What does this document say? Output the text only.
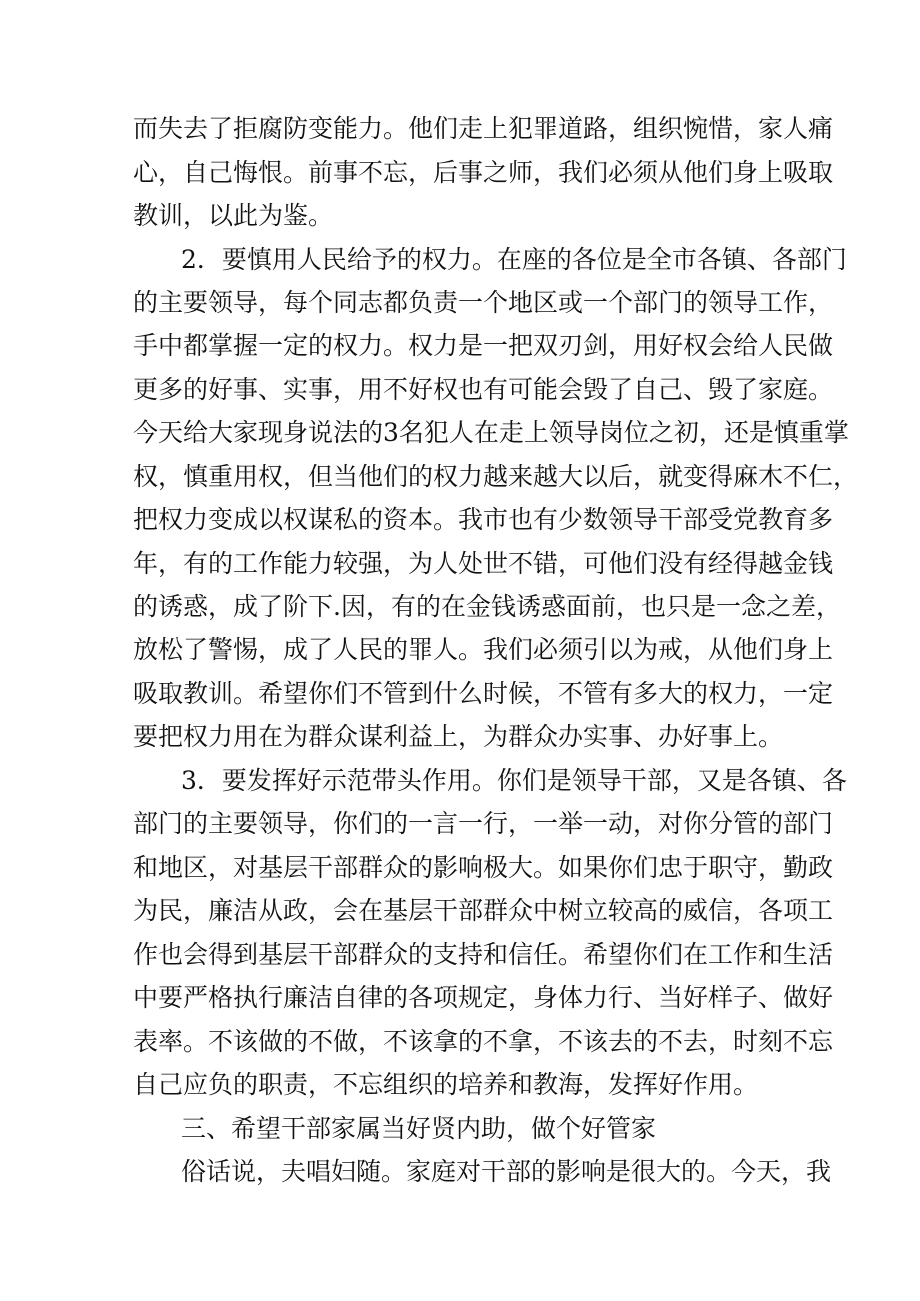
而失去了拒腐防变能力。他们走上犯罪道路，组织惋惜，家人痛
心，自己悔恨。前事不忘，后事之师，我们必须从他们身上吸取
教训，以此为鉴。
2．要慎用人民给予的权力。在座的各位是全市各镇、各部门
的主要领导，每个同志都负责一个地区或一个部门的领导工作，
手中都掌握一定的权力。权力是一把双刃剑，用好权会给人民做
更多的好事、实事，用不好权也有可能会毁了自己、毁了家庭。
今天给大家现身说法的3名犯人在走上领导岗位之初，还是慎重掌
权，慎重用权，但当他们的权力越来越大以后，就变得麻木不仁，
把权力变成以权谋私的资本。我市也有少数领导干部受党教育多
年，有的工作能力较强，为人处世不错，可他们没有经得越金钱
的诱惑，成了阶下.因，有的在金钱诱惑面前，也只是一念之差，
放松了警惕，成了人民的罪人。我们必须引以为戒，从他们身上
吸取教训。希望你们不管到什么时候，不管有多大的权力，一定
要把权力用在为群众谋利益上，为群众办实事、办好事上。
3．要发挥好示范带头作用。你们是领导干部，又是各镇、各
部门的主要领导，你们的一言一行，一举一动，对你分管的部门
和地区，对基层干部群众的影响极大。如果你们忠于职守，勤政
为民，廉洁从政，会在基层干部群众中树立较高的威信，各项工
作也会得到基层干部群众的支持和信任。希望你们在工作和生活
中要严格执行廉洁自律的各项规定，身体力行、当好样子、做好
表率。不该做的不做，不该拿的不拿，不该去的不去，时刻不忘
自己应负的职责，不忘组织的培养和教海，发挥好作用。
三、希望干部家属当好贤内助，做个好管家
俗话说，夫唱妇随。家庭对干部的影响是很大的。今天，我
